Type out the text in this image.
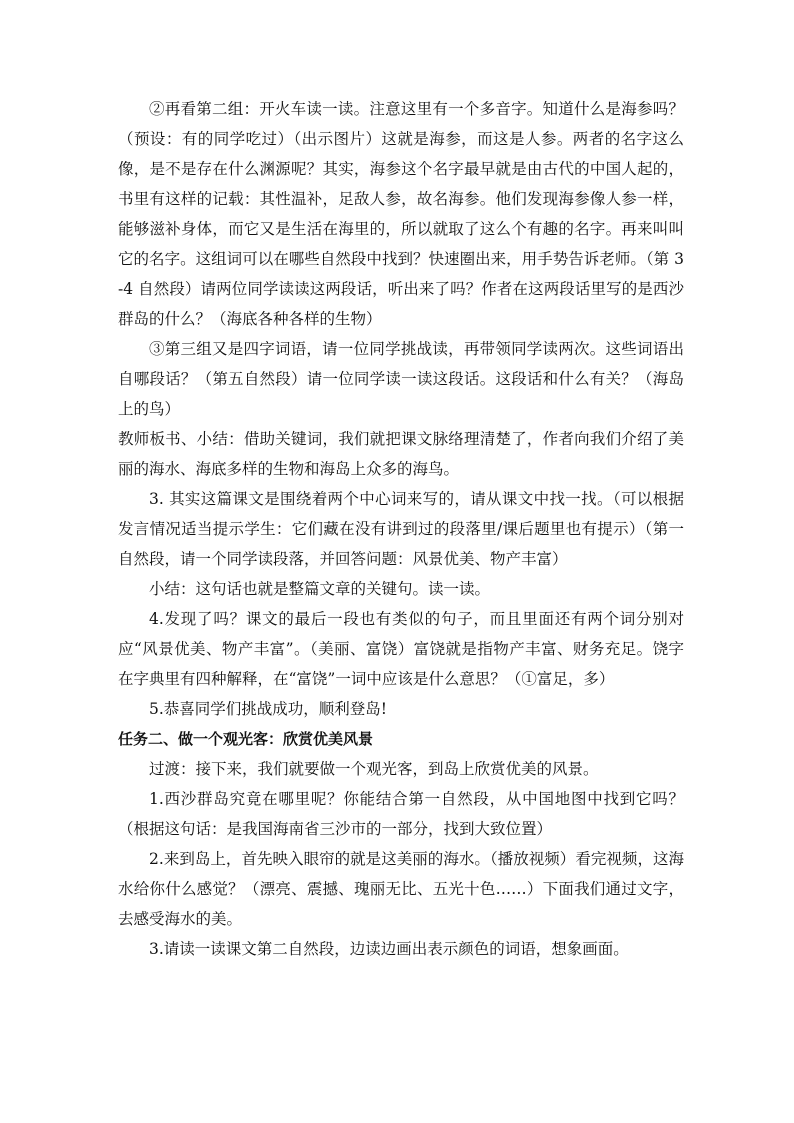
②再看第二组：开火车读一读。注意这里有一个多音字。知道什么是海参吗？（预设：有的同学吃过）（出示图片）这就是海参，而这是人参。两者的名字这么像，是不是存在什么渊源呢？其实，海参这个名字最早就是由古代的中国人起的，书里有这样的记载：其性温补，足敌人参，故名海参。他们发现海参像人参一样，能够滋补身体，而它又是生活在海里的，所以就取了这么个有趣的名字。再来叫叫它的名字。这组词可以在哪些自然段中找到？快速圈出来，用手势告诉老师。（第 3-4 自然段）请两位同学读读这两段话，听出来了吗？作者在这两段话里写的是西沙群岛的什么？（海底各种各样的生物）

③第三组又是四字词语，请一位同学挑战读，再带领同学读两次。这些词语出自哪段话？（第五自然段）请一位同学读一读这段话。这段话和什么有关？（海岛上的鸟）

教师板书、小结：借助关键词，我们就把课文脉络理清楚了，作者向我们介绍了美丽的海水、海底多样的生物和海岛上众多的海鸟。

3. 其实这篇课文是围绕着两个中心词来写的，请从课文中找一找。（可以根据发言情况适当提示学生：它们藏在没有讲到过的段落里/课后题里也有提示）（第一自然段，请一个同学读段落，并回答问题：风景优美、物产丰富）

小结：这句话也就是整篇文章的关键句。读一读。

4.发现了吗？课文的最后一段也有类似的句子，而且里面还有两个词分别对应“风景优美、物产丰富”。（美丽、富饶）富饶就是指物产丰富、财务充足。饶字在字典里有四种解释，在“富饶”一词中应该是什么意思？（①富足，多）

5.恭喜同学们挑战成功，顺利登岛!

任务二、做一个观光客：欣赏优美风景

过渡：接下来，我们就要做一个观光客，到岛上欣赏优美的风景。

1.西沙群岛究竟在哪里呢？你能结合第一自然段，从中国地图中找到它吗？（根据这句话：是我国海南省三沙市的一部分，找到大致位置）

2.来到岛上，首先映入眼帘的就是这美丽的海水。（播放视频）看完视频，这海水给你什么感觉？（漂亮、震撼、瑰丽无比、五光十色……）下面我们通过文字，去感受海水的美。

3.请读一读课文第二自然段，边读边画出表示颜色的词语，想象画面。
